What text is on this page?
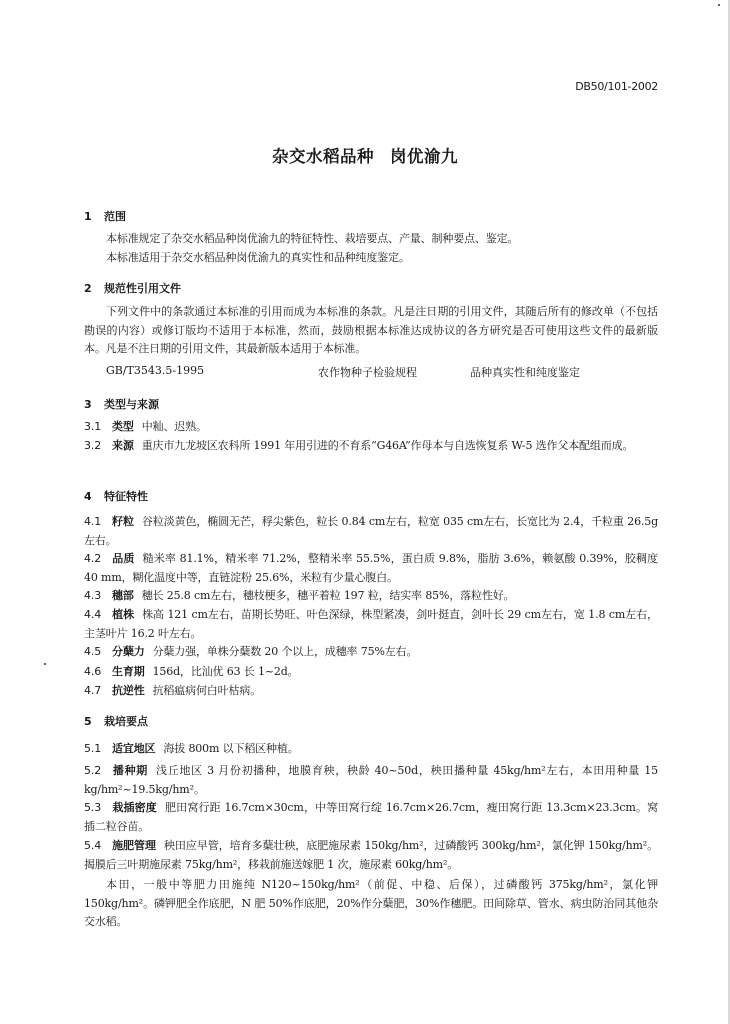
DB50/101-2002
杂交水稻品种 岗优渝九
1 范围
本标准规定了杂交水稻品种岗优渝九的特征特性、栽培要点、产量、制种要点、鉴定。
本标准适用于杂交水稻品种岗优渝九的真实性和品种纯度鉴定。
2 规范性引用文件
下列文件中的条款通过本标准的引用而成为本标准的条款。凡是注日期的引用文件，其随后所有的修改单（不包括勘误的内容）或修订版均不适用于本标准，然而，鼓励根据本标准达成协议的各方研究是否可使用这些文件的最新版本。凡是不注日期的引用文件，其最新版本适用于本标准。
GB/T3543.5-1995	农作物种子检验规程	品种真实性和纯度鉴定
3 类型与来源
3.1 类型 中籼、迟熟。
3.2 来源 重庆市九龙坡区农科所 1991 年用引进的不育系“G46A”作母本与自选恢复系 W-5 选作父本配组而成。
4 特征特性
4.1 籽粒 谷粒淡黄色，椭圆无芒，稃尖紫色，粒长 0.84 cm左右，粒宽 035 cm左右，长宽比为 2.4，千粒重 26.5g 左右。
4.2 品质 糙米率 81.1%，精米率 71.2%，整精米率 55.5%，蛋白质 9.8%，脂肪 3.6%，赖氨酸 0.39%，胶稠度 40 mm，糊化温度中等，直链淀粉 25.6%，米粒有少量心腹白。
4.3 穗部 穗长 25.8 cm左右，穗枝梗多，穗平着粒 197 粒，结实率 85%，落粒性好。
4.4 植株 株高 121 cm左右，苗期长势旺、叶色深绿，株型紧凑，剑叶挺直，剑叶长 29 cm左右，宽 1.8 cm左右，主茎叶片 16.2 叶左右。
4.5 分蘖力 分蘖力强，单株分蘖数 20 个以上，成穗率 75%左右。
4.6 生育期 156d，比汕优 63 长 1~2d。
4.7 抗逆性 抗稻瘟病何白叶枯病。
5 栽培要点
5.1 适宜地区 海拔 800m 以下稻区种植。
5.2 播种期 浅丘地区 3 月份初播种，地膜育秧，秧龄 40~50d，秧田播种量 45kg/hm²左右，本田用种量 15 kg/hm²~19.5kg/hm²。
5.3 栽插密度 肥田窝行距 16.7cm×30cm，中等田窝行绽 16.7cm×26.7cm，瘦田窝行距 13.3cm×23.3cm。窝插二粒谷苗。
5.4 施肥管理 秧田应早管，培育多蘖壮秧，底肥施尿素 150kg/hm²，过磷酸钙 300kg/hm²，氯化钾 150kg/hm²。揭膜后三叶期施尿素 75kg/hm²，移栽前施送嫁肥 1 次，施尿素 60kg/hm²。
本田，一般中等肥力田施纯 N120~150kg/hm²（前促、中稳、后保），过磷酸钙 375kg/hm²，氯化钾 150kg/hm²。磷钾肥全作底肥，N 肥 50%作底肥，20%作分蘖肥，30%作穗肥。田间除草、管水、病虫防治同其他杂交水稻。
